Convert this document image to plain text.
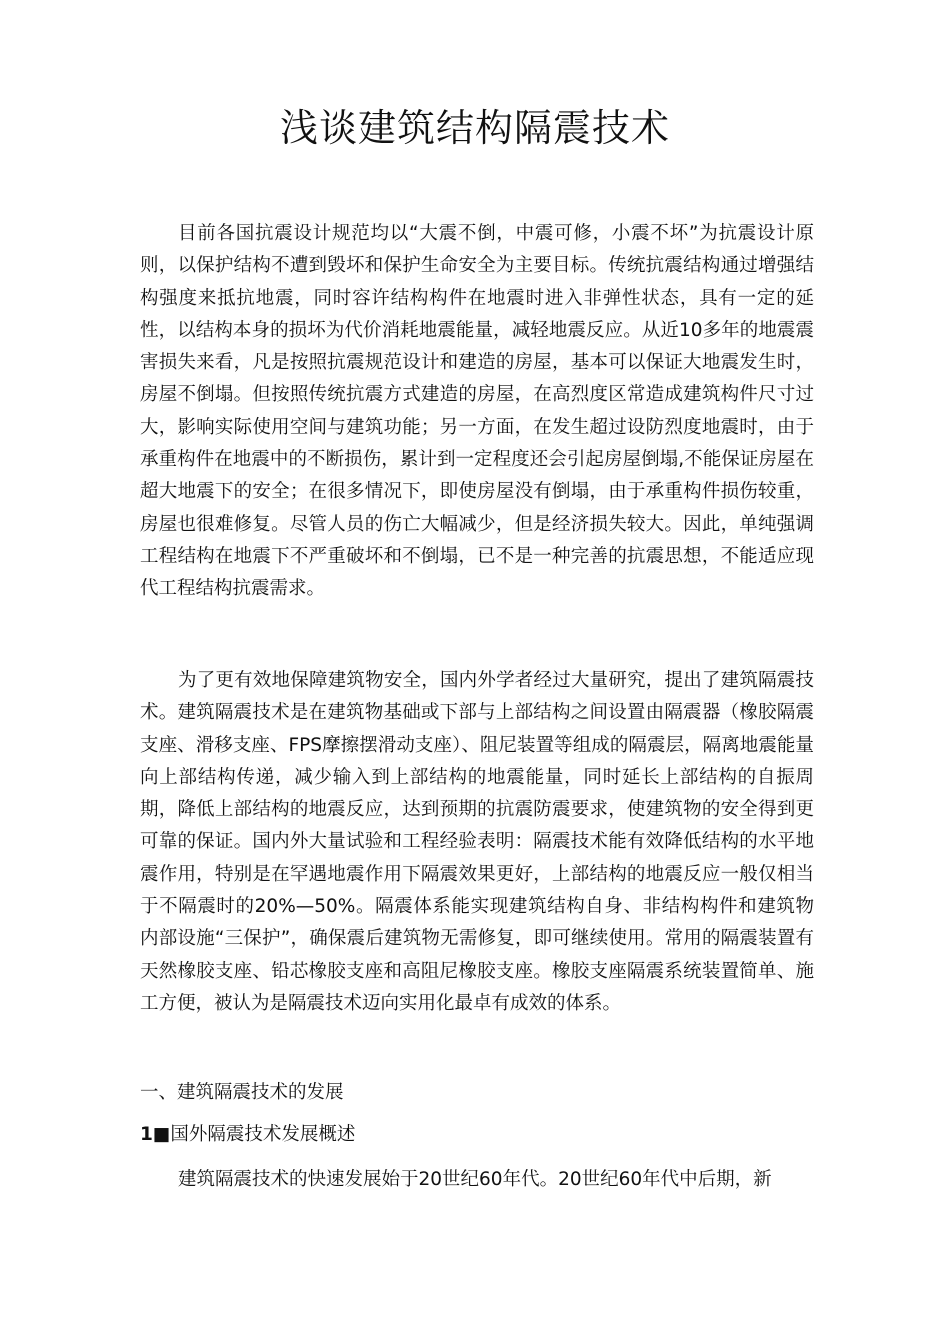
浅谈建筑结构隔震技术

目前各国抗震设计规范均以“大震不倒，中震可修，小震不坏”为抗震设计原则，以保护结构不遭到毁坏和保护生命安全为主要目标。传统抗震结构通过增强结构强度来抵抗地震，同时容许结构构件在地震时进入非弹性状态，具有一定的延性，以结构本身的损坏为代价消耗地震能量，减轻地震反应。从近10多年的地震震害损失来看，凡是按照抗震规范设计和建造的房屋，基本可以保证大地震发生时，房屋不倒塌。但按照传统抗震方式建造的房屋，在高烈度区常造成建筑构件尺寸过大，影响实际使用空间与建筑功能；另一方面，在发生超过设防烈度地震时，由于承重构件在地震中的不断损伤，累计到一定程度还会引起房屋倒塌,不能保证房屋在超大地震下的安全；在很多情况下，即使房屋没有倒塌，由于承重构件损伤较重，房屋也很难修复。尽管人员的伤亡大幅减少，但是经济损失较大。因此，单纯强调工程结构在地震下不严重破坏和不倒塌，已不是一种完善的抗震思想，不能适应现代工程结构抗震需求。

为了更有效地保障建筑物安全，国内外学者经过大量研究，提出了建筑隔震技术。建筑隔震技术是在建筑物基础或下部与上部结构之间设置由隔震器（橡胶隔震支座、滑移支座、FPS摩擦摆滑动支座）、阻尼装置等组成的隔震层，隔离地震能量向上部结构传递，减少输入到上部结构的地震能量，同时延长上部结构的自振周期，降低上部结构的地震反应，达到预期的抗震防震要求，使建筑物的安全得到更可靠的保证。国内外大量试验和工程经验表明：隔震技术能有效降低结构的水平地震作用，特别是在罕遇地震作用下隔震效果更好，上部结构的地震反应一般仅相当于不隔震时的20%—50%。隔震体系能实现建筑结构自身、非结构构件和建筑物内部设施“三保护”，确保震后建筑物无需修复，即可继续使用。常用的隔震装置有天然橡胶支座、铅芯橡胶支座和高阻尼橡胶支座。橡胶支座隔震系统装置简单、施工方便，被认为是隔震技术迈向实用化最卓有成效的体系。

一、建筑隔震技术的发展
1■国外隔震技术发展概述

建筑隔震技术的快速发展始于20世纪60年代。20世纪60年代中后期，新
